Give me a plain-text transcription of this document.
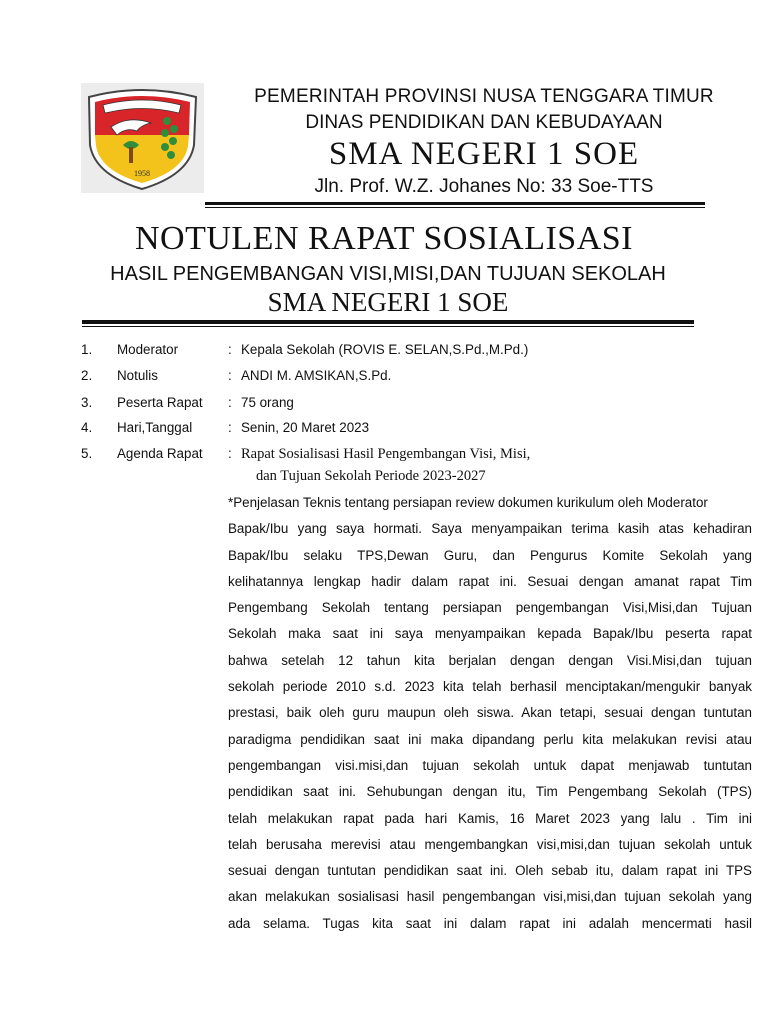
1958
PEMERINTAH PROVINSI NUSA TENGGARA TIMUR
DINAS PENDIDIKAN DAN KEBUDAYAAN
SMA NEGERI 1 SOE
Jln. Prof. W.Z. Johanes No: 33 Soe-TTS
NOTULEN RAPAT SOSIALISASI
HASIL PENGEMBANGAN VISI,MISI,DAN TUJUAN SEKOLAH
SMA NEGERI 1 SOE
1. Moderator	: Kepala Sekolah (ROVIS E. SELAN,S.Pd.,M.Pd.)
2. Notulis	: ANDI M. AMSIKAN,S.Pd.
3. Peserta Rapat : 75 orang
4. Hari,Tanggal	: Senin, 20 Maret 2023
5. Agenda Rapat : Rapat Sosialisasi Hasil Pengembangan Visi, Misi,
dan Tujuan Sekolah Periode 2023-2027
*Penjelasan Teknis tentang persiapan review dokumen kurikulum oleh Moderator
Bapak/Ibu yang saya hormati. Saya menyampaikan terima kasih atas kehadiran
Bapak/Ibu selaku TPS,Dewan Guru, dan Pengurus Komite Sekolah yang
kelihatannya lengkap hadir dalam rapat ini. Sesuai dengan amanat rapat Tim
Pengembang Sekolah tentang persiapan pengembangan Visi,Misi,dan Tujuan
Sekolah maka saat ini saya menyampaikan kepada Bapak/Ibu peserta rapat
bahwa setelah 12 tahun kita berjalan dengan dengan Visi.Misi,dan tujuan
sekolah periode 2010 s.d. 2023 kita telah berhasil menciptakan/mengukir banyak
prestasi, baik oleh guru maupun oleh siswa. Akan tetapi, sesuai dengan tuntutan
paradigma pendidikan saat ini maka dipandang perlu kita melakukan revisi atau
pengembangan visi.misi,dan tujuan sekolah untuk dapat menjawab tuntutan
pendidikan saat ini. Sehubungan dengan itu, Tim Pengembang Sekolah (TPS)
telah melakukan rapat pada hari Kamis, 16 Maret 2023 yang lalu . Tim ini
telah berusaha merevisi atau mengembangkan visi,misi,dan tujuan sekolah untuk
sesuai dengan tuntutan pendidikan saat ini. Oleh sebab itu, dalam rapat ini TPS
akan melakukan sosialisasi hasil pengembangan visi,misi,dan tujuan sekolah yang
ada selama. Tugas kita saat ini dalam rapat ini adalah mencermati hasil
